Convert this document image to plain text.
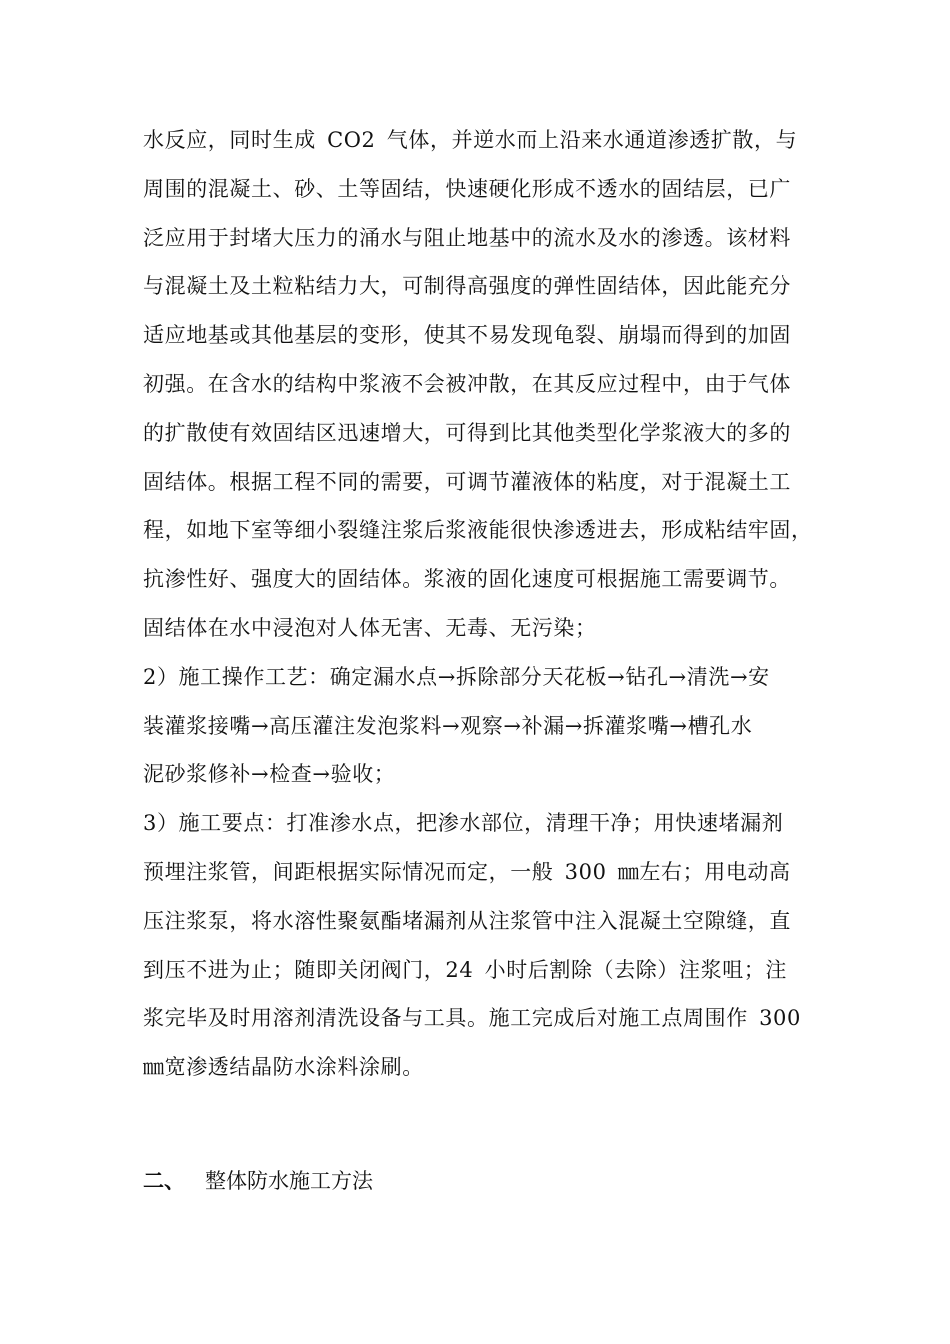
水反应，同时生成 CO2 气体，并逆水而上沿来水通道渗透扩散，与
周围的混凝土、砂、土等固结，快速硬化形成不透水的固结层，已广
泛应用于封堵大压力的涌水与阻止地基中的流水及水的渗透。该材料
与混凝土及土粒粘结力大，可制得高强度的弹性固结体，因此能充分
适应地基或其他基层的变形，使其不易发现龟裂、崩塌而得到的加固
初强。在含水的结构中浆液不会被冲散，在其反应过程中，由于气体
的扩散使有效固结区迅速增大，可得到比其他类型化学浆液大的多的
固结体。根据工程不同的需要，可调节灌液体的粘度，对于混凝土工
程，如地下室等细小裂缝注浆后浆液能很快渗透进去，形成粘结牢固，
抗渗性好、强度大的固结体。浆液的固化速度可根据施工需要调节。
固结体在水中浸泡对人体无害、无毒、无污染；
2）施工操作工艺：确定漏水点→拆除部分天花板→钻孔→清洗→安
装灌浆接嘴→高压灌注发泡浆料→观察→补漏→拆灌浆嘴→槽孔水
泥砂浆修补→检查→验收；
3）施工要点：打准渗水点，把渗水部位，清理干净；用快速堵漏剂
预埋注浆管，间距根据实际情况而定，一般 300 ㎜左右；用电动高
压注浆泵，将水溶性聚氨酯堵漏剂从注浆管中注入混凝土空隙缝，直
到压不进为止；随即关闭阀门，24 小时后割除（去除）注浆咀；注
浆完毕及时用溶剂清洗设备与工具。施工完成后对施工点周围作 300
㎜宽渗透结晶防水涂料涂刷。
二、 整体防水施工方法
